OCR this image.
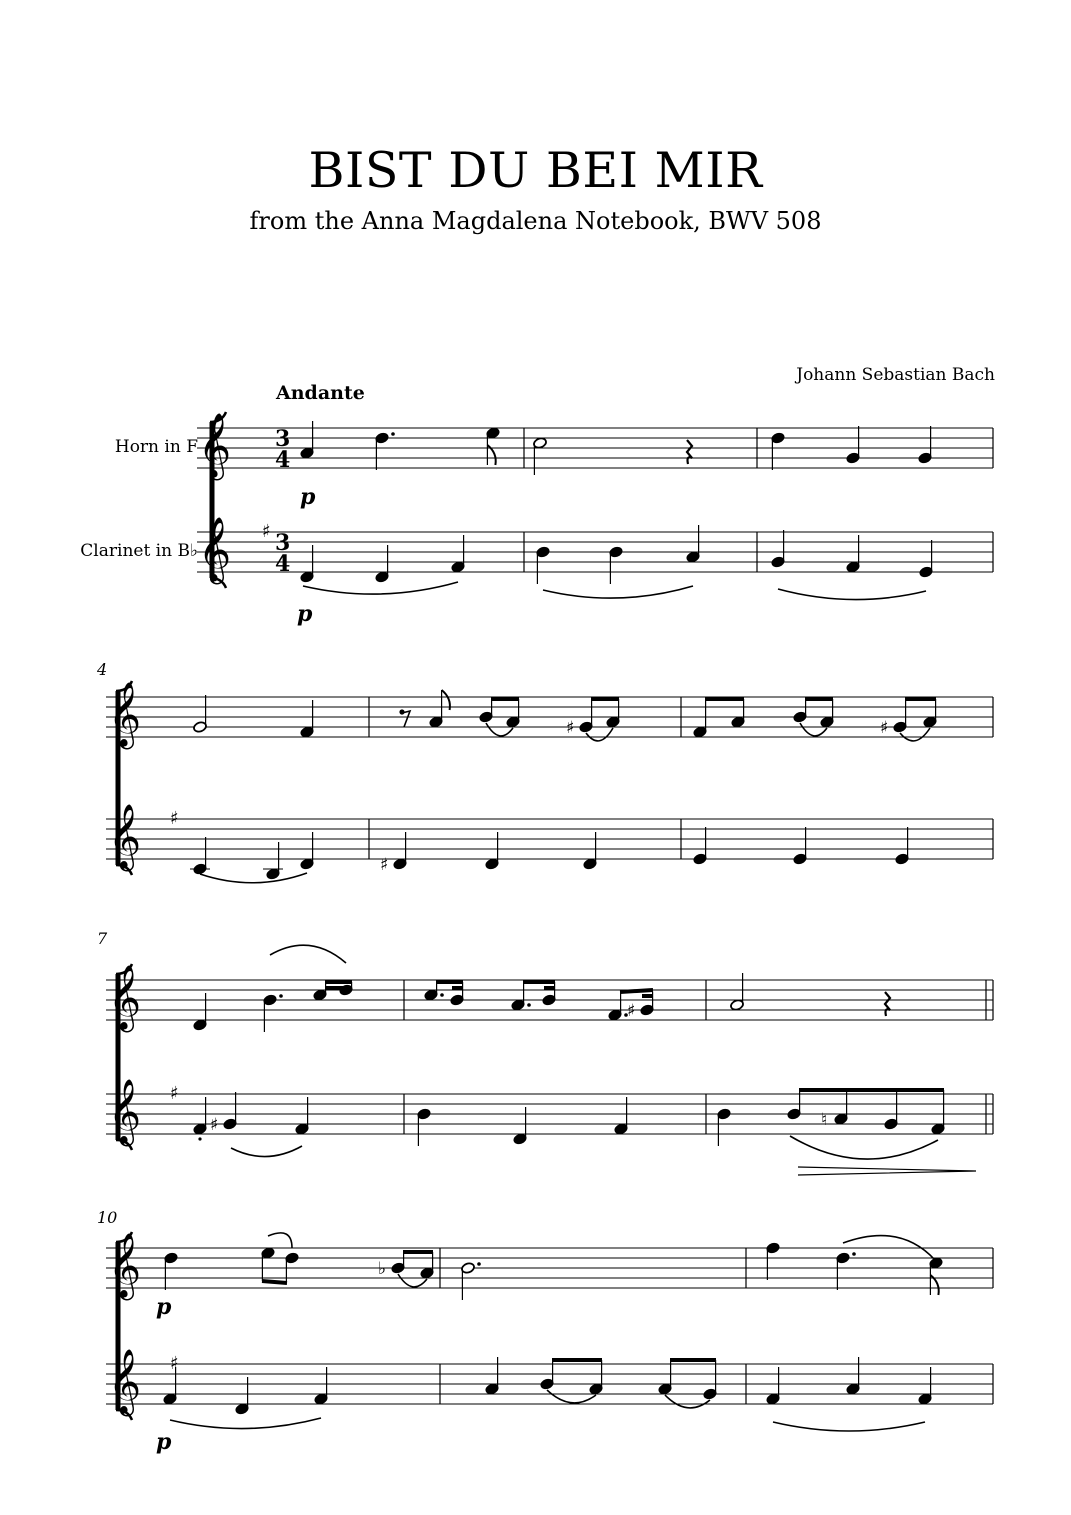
BIST DU BEI MIR
from the Anna Magdalena Notebook, BWV 508
Johann Sebastian Bach
Andante
Horn in F
Clarinet in B♭
4
7
10
𝄞
𝄞 ♯
3
4
3
4
p
p
𝄞
𝄞 ♯
♯	♯
♯
𝄞
𝄞 ♯
♯
♯	♮
𝄞
𝄞 ♯
♭
p
p
